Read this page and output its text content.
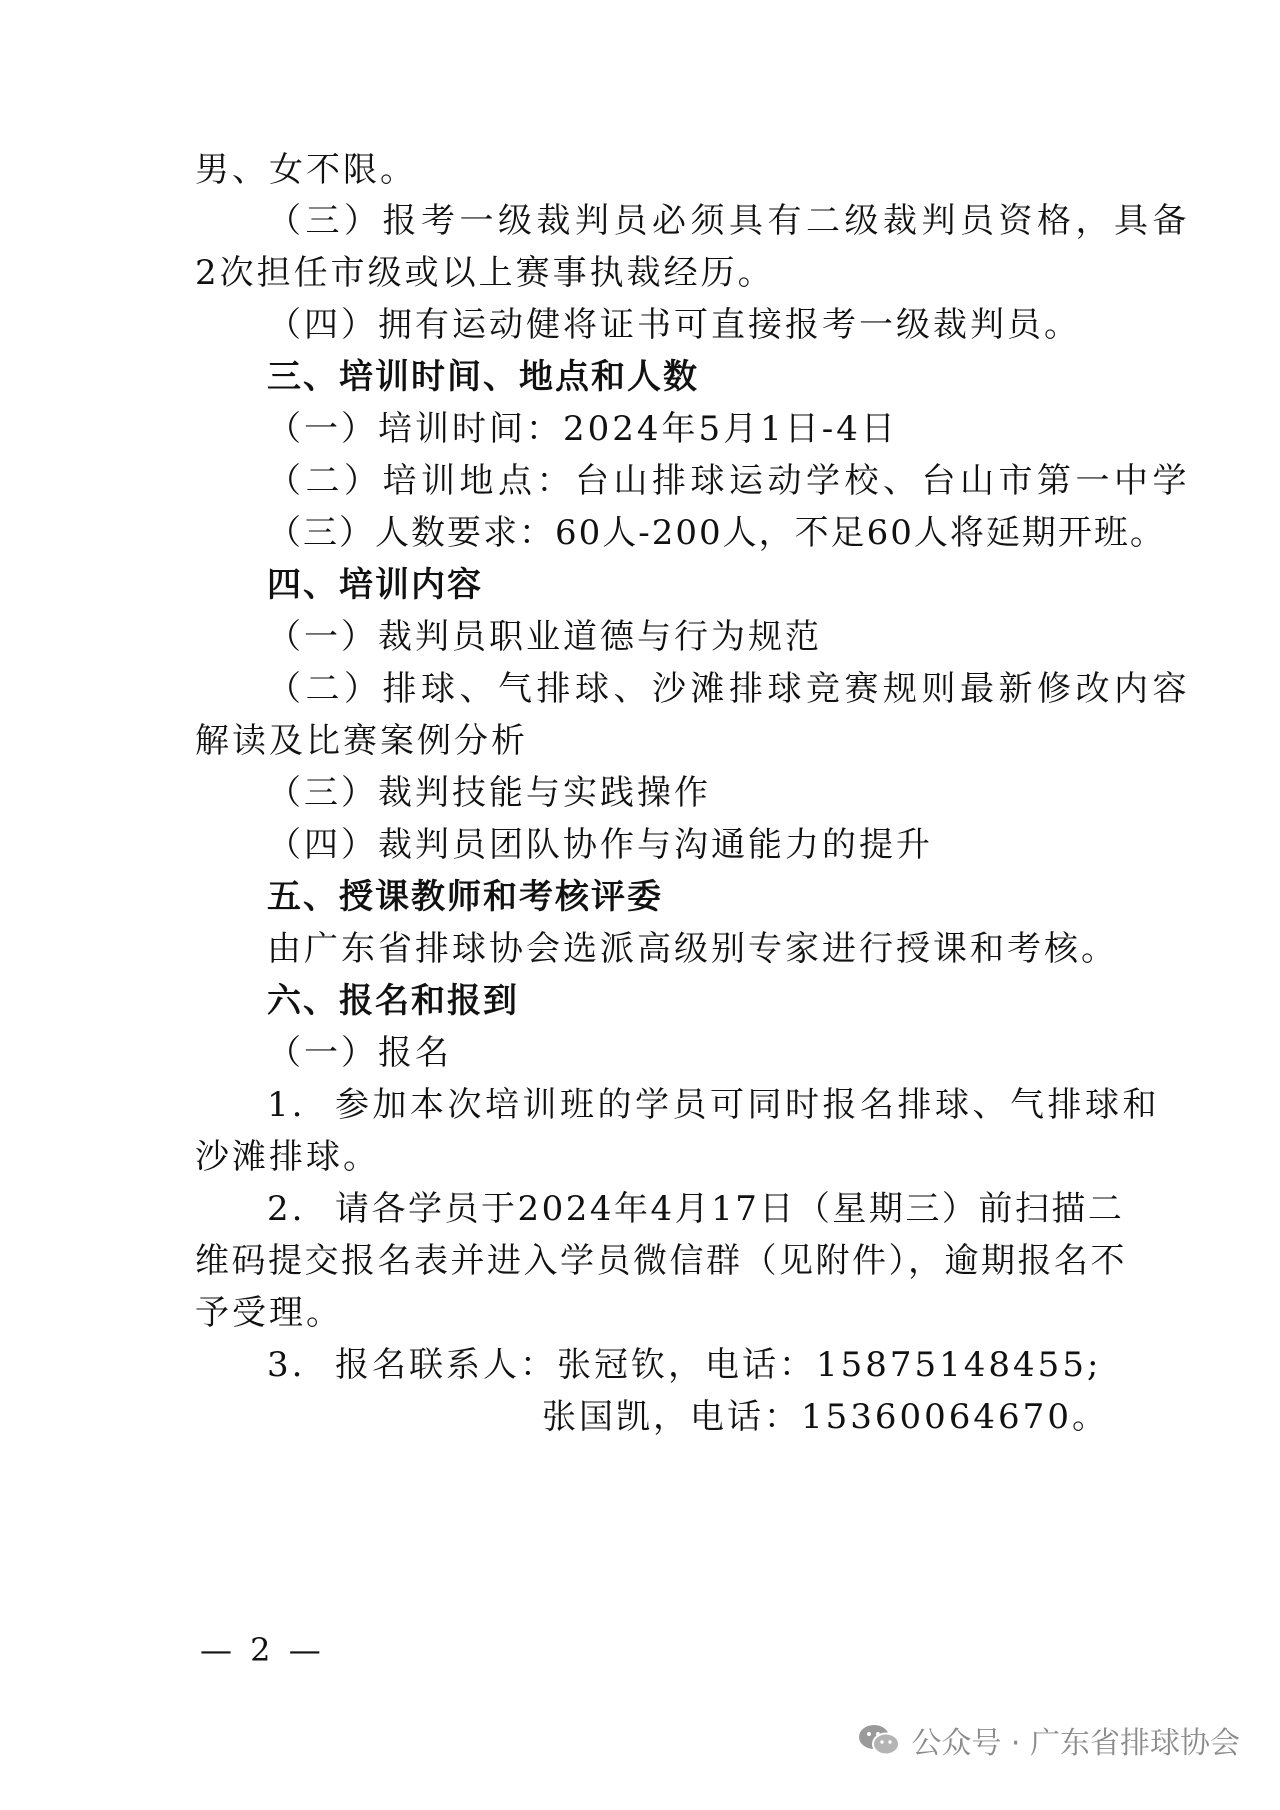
男、女不限。
（三）报考一级裁判员必须具有二级裁判员资格，具备
2次担任市级或以上赛事执裁经历。
（四）拥有运动健将证书可直接报考一级裁判员。
三、培训时间、地点和人数
（一）培训时间：2024年5月1日-4日
（二）培训地点：台山排球运动学校、台山市第一中学
（三）人数要求：60人-200人，不足60人将延期开班。
四、培训内容
（一）裁判员职业道德与行为规范
（二）排球、气排球、沙滩排球竞赛规则最新修改内容
解读及比赛案例分析
（三）裁判技能与实践操作
（四）裁判员团队协作与沟通能力的提升
五、授课教师和考核评委
由广东省排球协会选派高级别专家进行授课和考核。
六、报名和报到
（一）报名
1. 参加本次培训班的学员可同时报名排球、气排球和
沙滩排球。
2. 请各学员于2024年4月17日（星期三）前扫描二
维码提交报名表并进入学员微信群（见附件），逾期报名不
予受理。
3. 报名联系人：张冠钦，电话：15875148455;
张国凯，电话：15360064670。
— 2 —
公众号 · 广东省排球协会
